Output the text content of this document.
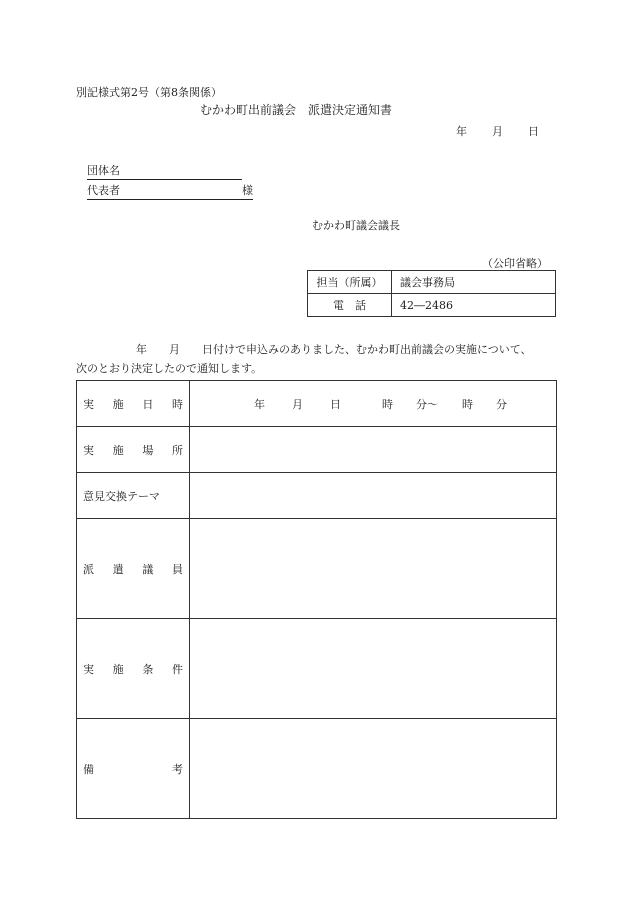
別記様式第2号（第8条関係）
むかわ町出前議会　派遣決定通知書
年 月 日
団体名
代表者	様
むかわ町議会議長
（公印省略）
担当（所属）	議会事務局
電　話	42―2486
年　　月　　日付けで申込みのありました、むかわ町出前議会の実施について、
次のとおり決定したので通知します。
実 施 日 時	年 月 日 時 分〜 時 分

実 施 場 所	

意見交換テーマ	

派 遣 議 員	

実 施 条 件	

備 考	
